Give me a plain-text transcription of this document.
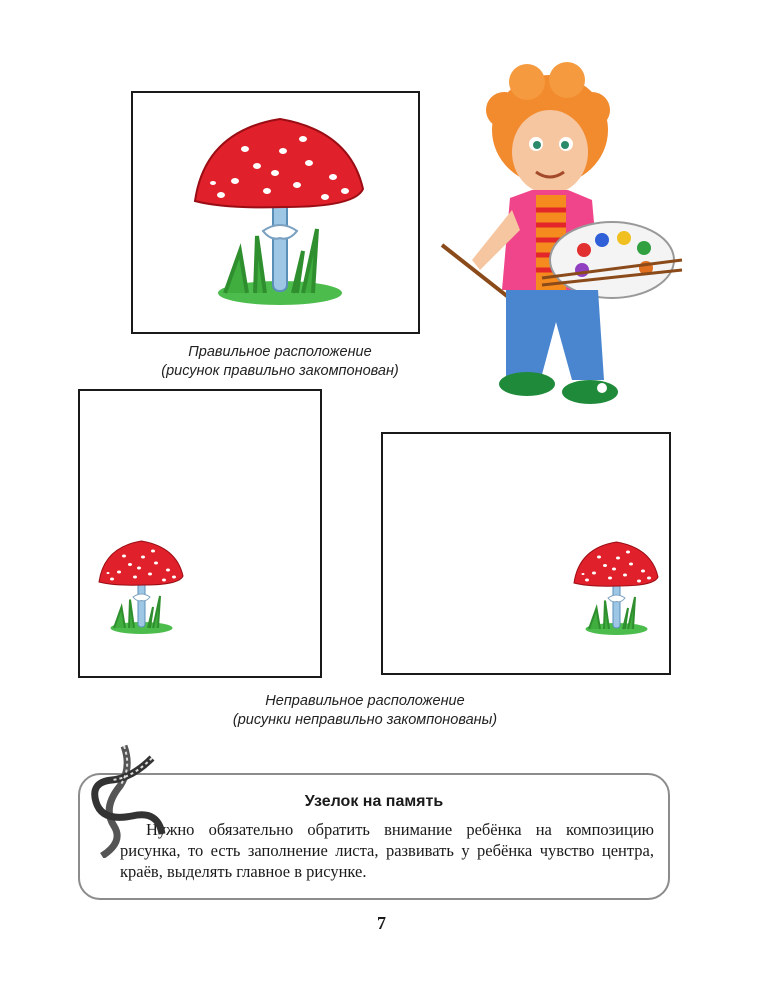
Правильное расположение
(рисунок правильно закомпонован)
Неправильное расположение
(рисунки неправильно закомпонованы)
Узелок на память
Нужно обязательно обратить внимание ребёнка на композицию рисунка, то есть заполнение листа, развивать у ребёнка чувство центра, краёв, выделять главное в рисунке.
7
